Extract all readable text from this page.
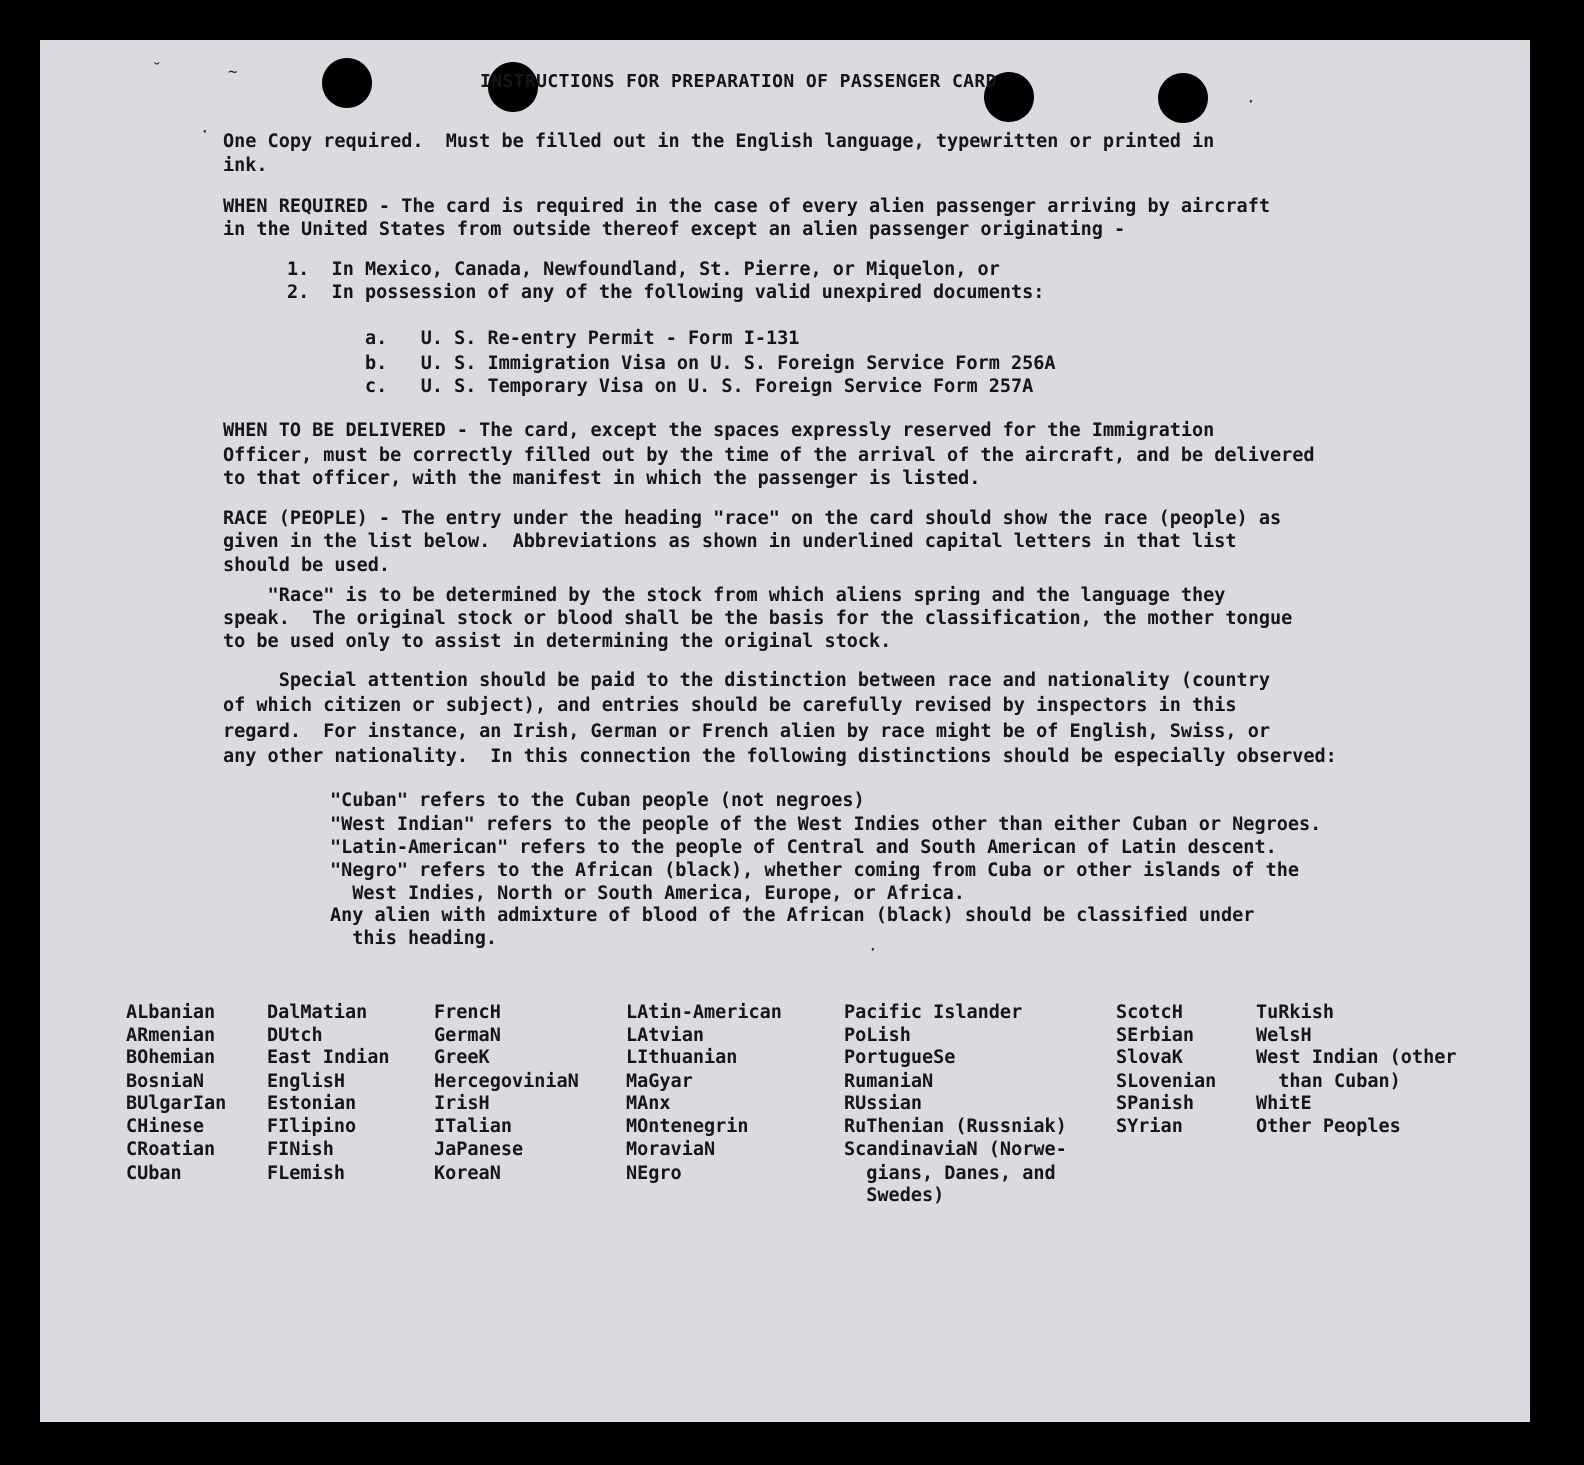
INSTRUCTIONS FOR PREPARATION OF PASSENGER CARD
One Copy required.  Must be filled out in the English language, typewritten or printed in
ink.
WHEN REQUIRED - The card is required in the case of every alien passenger arriving by aircraft
in the United States from outside thereof except an alien passenger originating -
1.  In Mexico, Canada, Newfoundland, St. Pierre, or Miquelon, or
2.  In possession of any of the following valid unexpired documents:
a.   U. S. Re-entry Permit - Form I-131
b.   U. S. Immigration Visa on U. S. Foreign Service Form 256A
c.   U. S. Temporary Visa on U. S. Foreign Service Form 257A
WHEN TO BE DELIVERED - The card, except the spaces expressly reserved for the Immigration
Officer, must be correctly filled out by the time of the arrival of the aircraft, and be delivered
to that officer, with the manifest in which the passenger is listed.
RACE (PEOPLE) - The entry under the heading "race" on the card should show the race (people) as
given in the list below.  Abbreviations as shown in underlined capital letters in that list
should be used.
"Race" is to be determined by the stock from which aliens spring and the language they
speak.  The original stock or blood shall be the basis for the classification, the mother tongue
to be used only to assist in determining the original stock.
Special attention should be paid to the distinction between race and nationality (country
of which citizen or subject), and entries should be carefully revised by inspectors in this
regard.  For instance, an Irish, German or French alien by race might be of English, Swiss, or
any other nationality.  In this connection the following distinctions should be especially observed:
"Cuban" refers to the Cuban people (not negroes)
"West Indian" refers to the people of the West Indies other than either Cuban or Negroes.
"Latin-American" refers to the people of Central and South American of Latin descent.
"Negro" refers to the African (black), whether coming from Cuba or other islands of the
West Indies, North or South America, Europe, or Africa.
Any alien with admixture of blood of the African (black) should be classified under
this heading.
ALbanian
ARmenian
BOhemian
BosniaN
BUlgarIan
CHinese
CRoatian
CUban
DalMatian
DUtch
East Indian
EnglisH
Estonian
FIlipino
FINish
FLemish
FrencH
GermaN
GreeK
HercegoviniaN
IrisH
ITalian
JaPanese
KoreaN
LAtin-American
LAtvian
LIthuanian
MaGyar
MAnx
MOntenegrin
MoraviaN
NEgro
Pacific Islander
PoLish
PortugueSe
RumaniaN
RUssian
RuThenian (Russniak)
ScandinaviaN (Norwe-
gians, Danes, and
Swedes)
ScotcH
SErbian
SlovaK
SLovenian
SPanish
SYrian
TuRkish
WelsH
West Indian (other
than Cuban)
WhitE
Other Peoples
˘	~
·
·
·
